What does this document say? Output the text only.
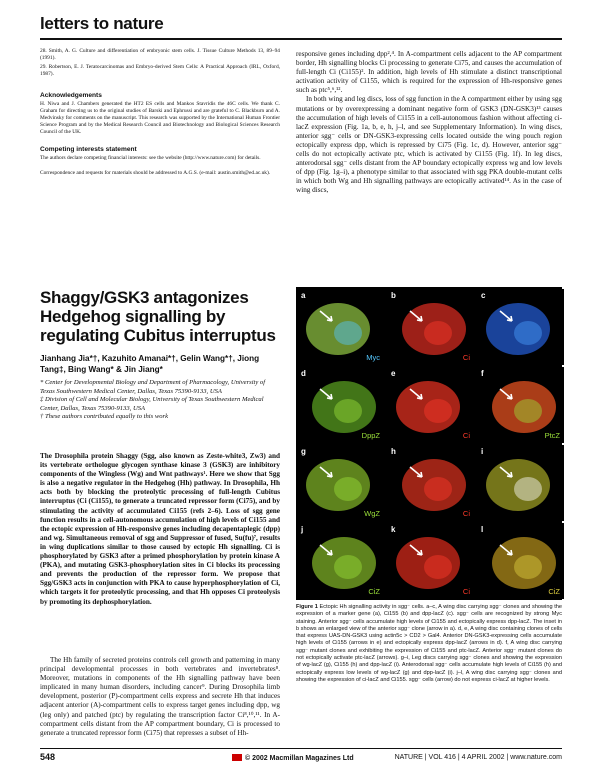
letters to nature
28. Smith, A. G. Culture and differentiation of embryonic stem cells. J. Tissue Culture Methods 13, 89–94 (1991).
29. Robertson, E. J. Teratocarcinomas and Embryo-derived Stem Cells: A Practical Approach (IRL, Oxford, 1987).
Acknowledgements
H. Niwa and J. Chambers generated the HT2 ES cells and Mankos Stavridis the 46C cells. We thank C. Graham for directing us to the original studies of Barski and Ephrussi and are grateful to C. Blackburn and A. Medvinsky for comments on the manuscript. This research was supported by the International Human Frontier Science Program and by the Medical Research Council and Biotechnology and Biological Sciences Research Council of the UK.
Competing interests statement
The authors declare competing financial interests: see the website (http://www.nature.com) for details.
Correspondence and requests for materials should be addressed to A.G.S. (e-mail: austin.smith@ed.ac.uk).
Shaggy/GSK3 antagonizes Hedgehog signalling by regulating Cubitus interruptus
Jianhang Jia*†, Kazuhito Amanai*†, Gelin Wang*†, Jiong Tang‡, Bing Wang* & Jin Jiang*
* Center for Developmental Biology and Department of Pharmacology, University of Texas Southwestern Medical Center, Dallas, Texas 75390-9133, USA
‡ Division of Cell and Molecular Biology, University of Texas Southwestern Medical Center, Dallas, Texas 75390-9133, USA
† These authors contributed equally to this work
The Drosophila protein Shaggy (Sgg, also known as Zeste-white3, Zw3) and its vertebrate orthologue glycogen synthase kinase 3 (GSK3) are inhibitory components of the Wingless (Wg) and Wnt pathways¹. Here we show that Sgg is also a negative regulator in the Hedgehog (Hh) pathway. In Drosophila, Hh acts both by blocking the proteolytic processing of full-length Cubitus interruptus (Ci (Ci155), to generate a truncated repressor form (Ci75), and by stimulating the activity of accumulated Ci155 (refs 2–6). Loss of sgg gene function results in a cell-autonomous accumulation of high levels of Ci155 and the ectopic expression of Hh-responsive genes including decapentaplegic (dpp) and wg. Simultaneous removal of sgg and Suppressor of fused, Su(fu)⁷, results in wing duplications similar to those caused by ectopic Hh signalling. Ci is phosphorylated by GSK3 after a primed phosphorylation by protein kinase A (PKA), and mutating GSK3-phosphorylation sites in Ci blocks its processing and prevents the production of the repressor form. We propose that Sgg/GSK3 acts in conjunction with PKA to cause hyperphosphorylation of Ci, which targets it for proteolytic processing, and that Hh opposes Ci proteolysis by promoting its dephosphorylation.
The Hh family of secreted proteins controls cell growth and patterning in many principal developmental processes in both vertebrates and invertebrates⁸. Moreover, mutations in components of the Hh signalling pathway have been implicated in many human disorders, including cancer⁹. During Drosophila limb development, posterior (P)-compartment cells express and secrete Hh that induces adjacent anterior (A)-compartment cells to express target genes including dpp, wg (leg only) and patched (ptc) by regulating the transcription factor Ci⁸,¹⁰,¹¹. In A-compartment cells distant from the AP compartment boundary, Ci is processed to generate a truncated repressor form (Ci75) that represses a subset of Hh-
responsive genes including dpp²,⁴. In A-compartment cells adjacent to the AP compartment border, Hh signalling blocks Ci processing to generate Ci75, and causes the accumulation of full-length Ci (Ci155)². In addition, high levels of Hh stimulate a distinct transcriptional activation activity of Ci155, which is required for the expression of Hh-responsive genes such as ptc⁵,⁶,¹².
In both wing and leg discs, loss of sgg function in the A compartment either by using sgg mutations or by overexpressing a dominant negative form of GSK3 (DN-GSK3)¹³ causes the accumulation of high levels of Ci155 in a cell-autonomous fashion without affecting ci-lacZ expression (Fig. 1a, b, e, h, j–l, and see Supplementary Information). In wing discs, anterior sgg⁻ cells or DN-GSK3-expressing cells located outside the wing pouch region ectopically express dpp, which is repressed by Ci75 (Fig. 1c, d). However, anterior sgg⁻ cells do not ectopically activate ptc, which is activated by Ci155 (Fig. 1f). In leg discs, anterodorsal sgg⁻ cells distant from the AP boundary ectopically express wg and low levels of dpp (Fig. 1g–i), a phenotype similar to that associated with sgg PKA double-mutant cells in which both Wg and Hh signalling pathways are ectopically activated¹⁴. As in the case of wing discs,
a
Myc
b
Ci
c
d
DppZ
e
Ci
f
PtcZ
g
WgZ
h
Ci
i
j
CiZ
k
Ci
l
CiZ
Figure 1 Ectopic Hh signalling activity in sgg⁻ cells. a–c, A wing disc carrying sgg⁻ clones and showing the expression of a marker gene (a), Ci155 (b) and dpp-lacZ (c). sgg⁻ cells are recognized by strong Myc staining. Anterior sgg⁻ cells accumulate high levels of Ci155 and ectopically express dpp-lacZ. The inset in b shows an enlarged view of the anterior sgg⁻ clone (arrow in a). d, e, A wing disc containing clones of cells that express UAS-DN-GSK3 using actin5c > CD2 > Gal4. Anterior DN-GSK3-expressing cells accumulate high levels of Ci155 (arrows in e) and ectopically express dpp-lacZ (arrows in d). f, A wing disc carrying sgg⁻ mutant clones and exhibiting the expression of Ci155 and ptc-lacZ. Anterior sgg⁻ mutant clones do not ectopically activate ptc-lacZ (arrows). g–i, Leg discs carrying sgg⁻ clones and showing the expression of wg-lacZ (g), Ci155 (h) and dpp-lacZ (i). Anterodorsal sgg⁻ cells accumulate high levels of Ci155 (h) and ectopically express low levels of wg-lacZ (g) and dpp-lacZ (i). j–l, A wing disc carrying sgg⁻ clones and showing the expression of ci-lacZ and Ci155. sgg⁻ cells (arrow) do not express ci-lacZ at higher levels.
548	© 2002 Macmillan Magazines Ltd	NATURE | VOL 416 | 4 APRIL 2002 | www.nature.com
